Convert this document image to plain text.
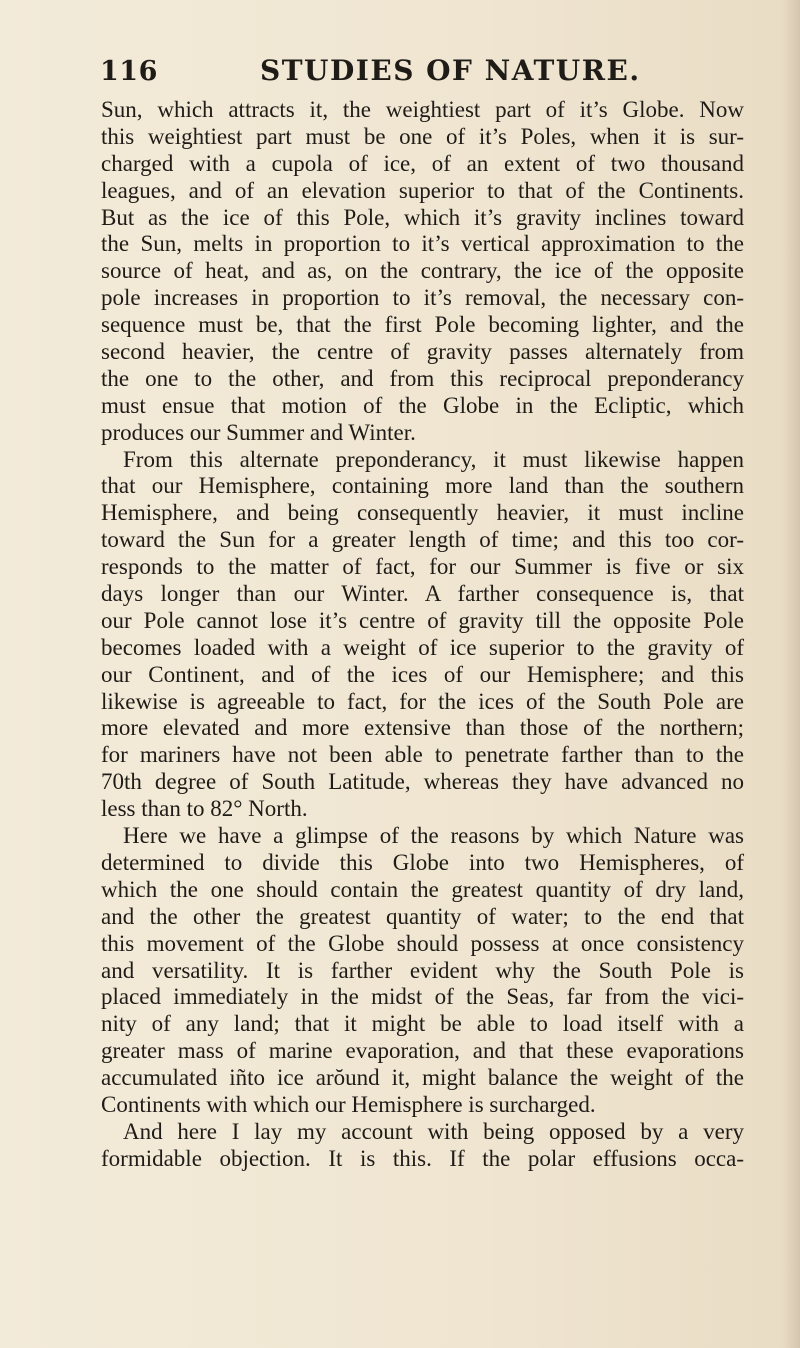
116	STUDIES OF NATURE.
Sun, which attracts it, the weightiest part of it’s Globe. Now
this weightiest part must be one of it’s Poles, when it is sur-
charged with a cupola of ice, of an extent of two thousand
leagues, and of an elevation superior to that of the Continents.
But as the ice of this Pole, which it’s gravity inclines toward
the Sun, melts in proportion to it’s vertical approximation to the
source of heat, and as, on the contrary, the ice of the opposite
pole increases in proportion to it’s removal, the necessary con-
sequence must be, that the first Pole becoming lighter, and the
second heavier, the centre of gravity passes alternately from
the one to the other, and from this reciprocal preponderancy
must ensue that motion of the Globe in the Ecliptic, which
produces our Summer and Winter.
From this alternate preponderancy, it must likewise happen
that our Hemisphere, containing more land than the southern
Hemisphere, and being consequently heavier, it must incline
toward the Sun for a greater length of time; and this too cor-
responds to the matter of fact, for our Summer is five or six
days longer than our Winter. A farther consequence is, that
our Pole cannot lose it’s centre of gravity till the opposite Pole
becomes loaded with a weight of ice superior to the gravity of
our Continent, and of the ices of our Hemisphere; and this
likewise is agreeable to fact, for the ices of the South Pole are
more elevated and more extensive than those of the northern;
for mariners have not been able to penetrate farther than to the
70th degree of South Latitude, whereas they have advanced no
less than to 82° North.
Here we have a glimpse of the reasons by which Nature was
determined to divide this Globe into two Hemispheres, of
which the one should contain the greatest quantity of dry land,
and the other the greatest quantity of water; to the end that
this movement of the Globe should possess at once consistency
and versatility. It is farther evident why the South Pole is
placed immediately in the midst of the Seas, far from the vici-
nity of any land; that it might be able to load itself with a
greater mass of marine evaporation, and that these evaporations
accumulated iñto ice arŏund it, might balance the weight of the
Continents with which our Hemisphere is surcharged.
And here I lay my account with being opposed by a very
formidable objection. It is this. If the polar effusions occa-
